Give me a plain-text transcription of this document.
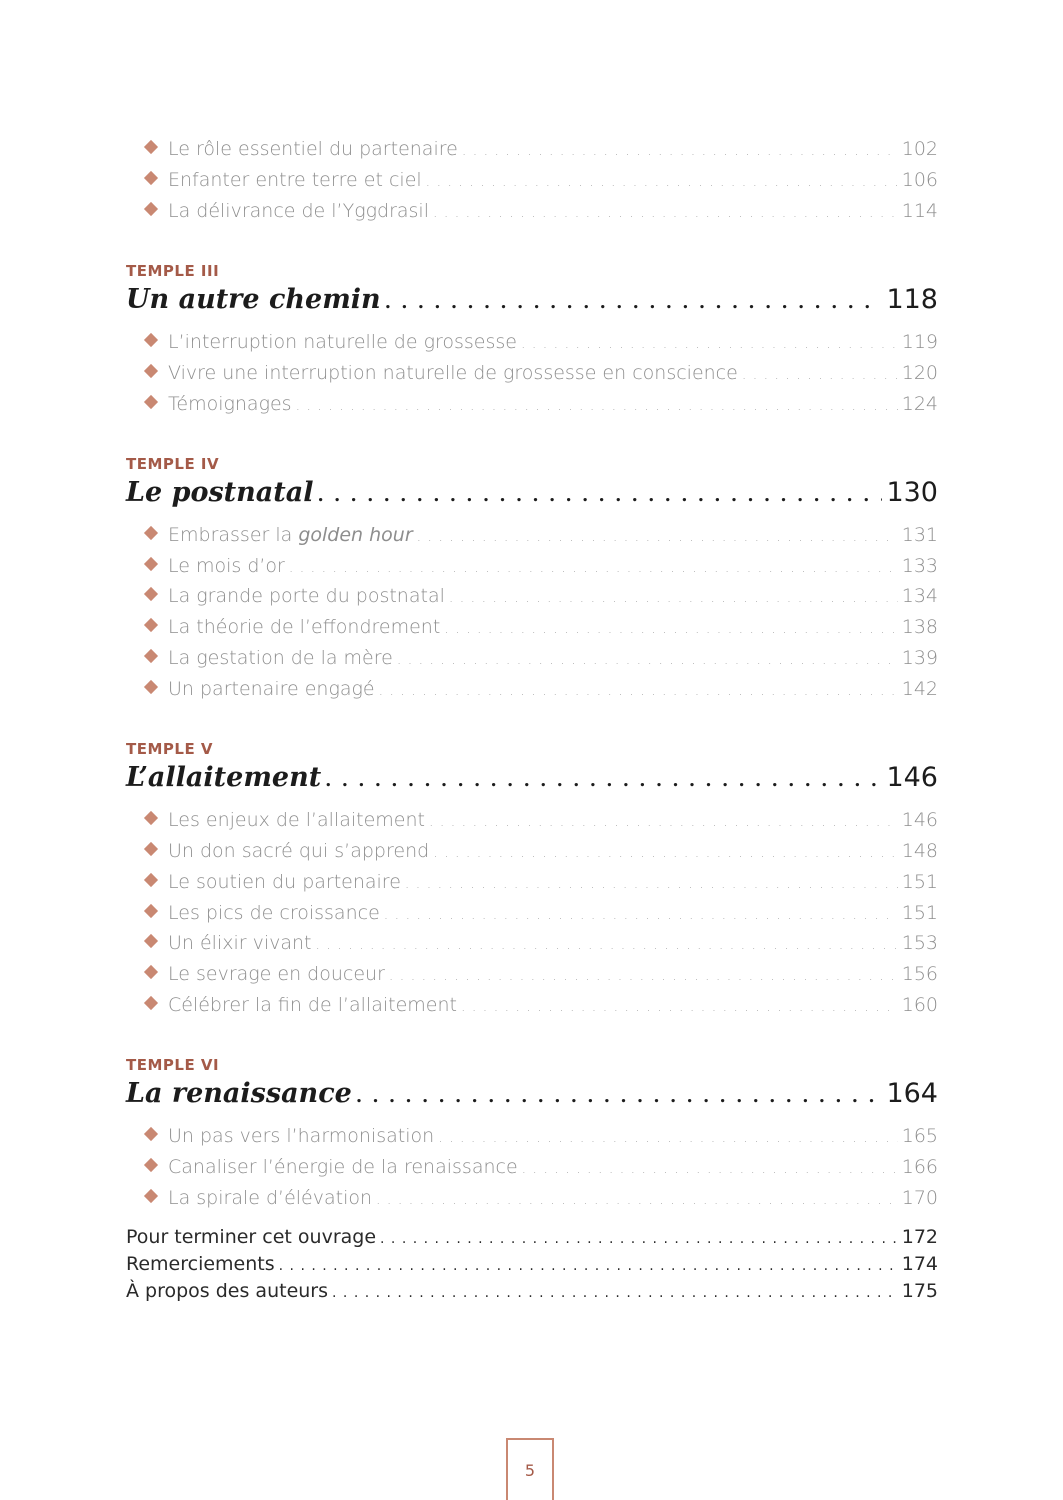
Le rôle essentiel du partenaire . . .	102
Enfanter entre terre et ciel . . .	106
La délivrance de l’Yggdrasil . . .	114
TEMPLE III
Un autre chemin . . .	118
L’interruption naturelle de grossesse . . .	119
Vivre une interruption naturelle de grossesse en conscience . . .	120
Témoignages . . .	124
TEMPLE IV
Le postnatal . . .	130
Embrasser la golden hour . . .	131
Le mois d’or . . .	133
La grande porte du postnatal . . .	134
La théorie de l’effondrement . . .	138
La gestation de la mère . . .	139
Un partenaire engagé . . .	142
TEMPLE V
L’allaitement . . .	146
Les enjeux de l’allaitement . . .	146
Un don sacré qui s’apprend . . .	148
Le soutien du partenaire . . .	151
Les pics de croissance . . .	151
Un élixir vivant . . .	153
Le sevrage en douceur . . .	156
Célébrer la fin de l’allaitement . . .	160
TEMPLE VI
La renaissance . . .	164
Un pas vers l’harmonisation . . .	165
Canaliser l’énergie de la renaissance . . .	166
La spirale d’élévation . . .	170
Pour terminer cet ouvrage . . .	172
Remerciements . . .	174
À propos des auteurs . . .	175
5
